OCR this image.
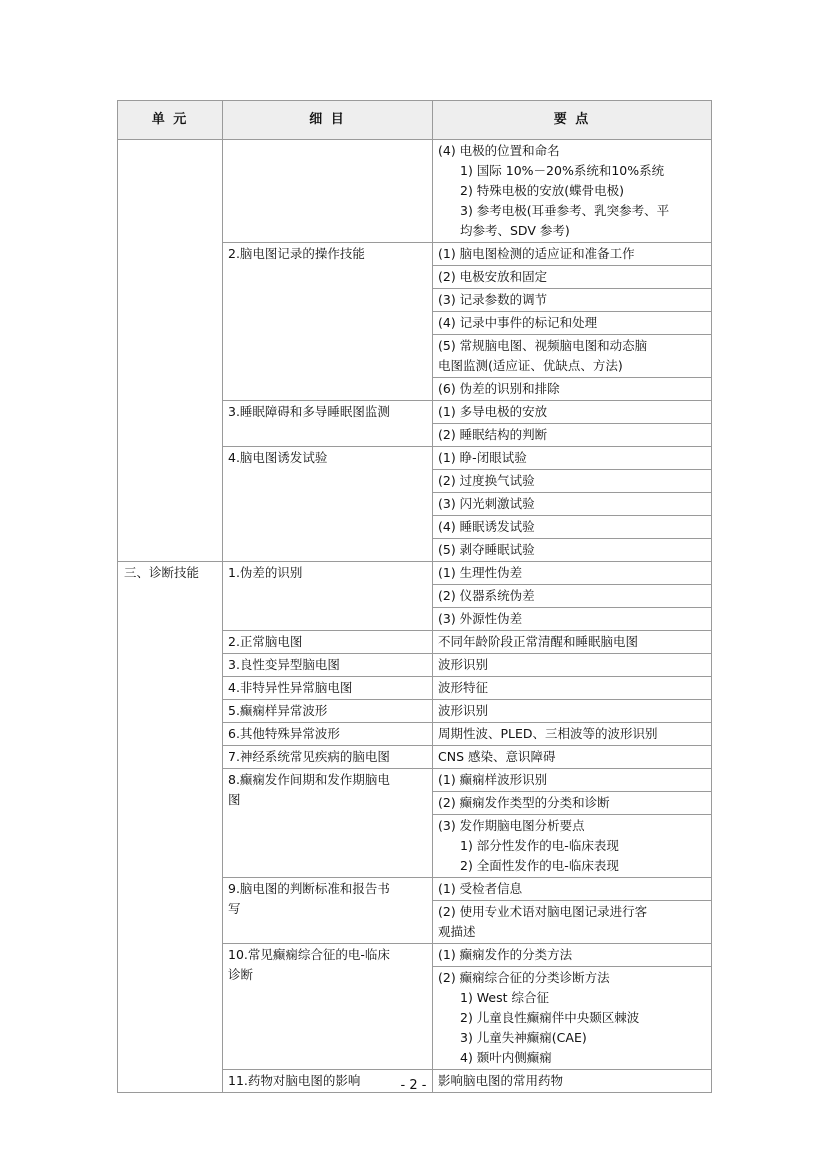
单 元	细 目	要 点

		(4) 电极的位置和命名
1) 国际 10%－20%系统和10%系统
2) 特殊电极的安放(蝶骨电极)
3) 参考电极(耳垂参考、乳突参考、平
均参考、SDV 参考)

	2.脑电图记录的操作技能	(1) 脑电图检测的适应证和准备工作
		(2) 电极安放和固定
		(3) 记录参数的调节
		(4) 记录中事件的标记和处理

		(5) 常规脑电图、视频脑电图和动态脑
电图监测(适应证、优缺点、方法)

		(6) 伪差的识别和排除
	3.睡眠障碍和多导睡眠图监测	(1) 多导电极的安放
		(2) 睡眠结构的判断
	4.脑电图诱发试验	(1) 睁-闭眼试验
		(2) 过度换气试验
		(3) 闪光刺激试验
		(4) 睡眠诱发试验
		(5) 剥夺睡眠试验
三、诊断技能	1.伪差的识别	(1) 生理性伪差

		(2) 仪器系统伪差

		(3) 外源性伪差

	2.正常脑电图	不同年龄阶段正常清醒和睡眠脑电图

	3.良性变异型脑电图	波形识别

	4.非特异性异常脑电图	波形特征

	5.癫痫样异常波形	波形识别

	6.其他特殊异常波形	周期性波、PLED、三相波等的波形识别

	7.神经系统常见疾病的脑电图	CNS 感染、意识障碍

	8.癫痫发作间期和发作期脑电
图	(1) 癫痫样波形识别

		(2) 癫痫发作类型的分类和诊断

		(3) 发作期脑电图分析要点
1) 部分性发作的电-临床表现
2) 全面性发作的电-临床表现

	9.脑电图的判断标准和报告书
写	(1) 受检者信息

		(2) 使用专业术语对脑电图记录进行客
观描述

	10.常见癫痫综合征的电-临床
诊断	(1) 癫痫发作的分类方法

		(2) 癫痫综合征的分类诊断方法
1) West 综合征
2) 儿童良性癫痫伴中央颞区棘波
3) 儿童失神癫痫(CAE)
4) 颞叶内侧癫痫

	11.药物对脑电图的影响	影响脑电图的常用药物
- 2 -
